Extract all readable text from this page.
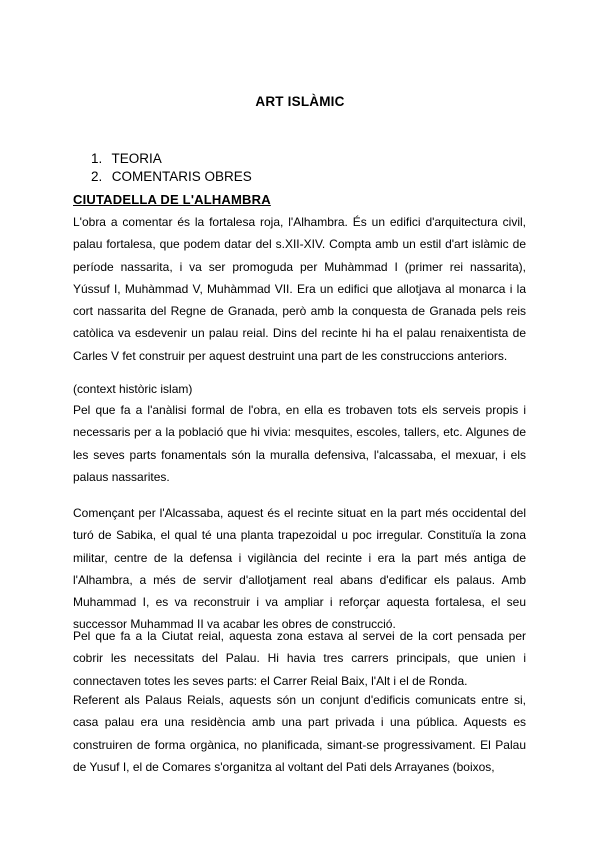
ART ISLÀMIC
1. TEORIA
2. COMENTARIS OBRES
CIUTADELLA DE L'ALHAMBRA

L'obra a comentar és la fortalesa roja, l'Alhambra. És un edifici d'arquitectura civil, palau fortalesa, que podem datar del s.XII-XIV. Compta amb un estil d'art islàmic de període nassarita, i va ser promoguda per Muhàmmad I (primer rei nassarita), Yússuf I, Muhàmmad V, Muhàmmad VII. Era un edifici que allotjava al monarca i la cort nassarita del Regne de Granada, però amb la conquesta de Granada pels reis catòlica va esdevenir un palau reial. Dins del recinte hi ha el palau renaixentista de Carles V fet construir per aquest destruint una part de les construccions anteriors.

(context històric islam)

Pel que fa a l'anàlisi formal de l'obra, en ella es trobaven tots els serveis propis i necessaris per a la població que hi vivia: mesquites, escoles, tallers, etc. Algunes de les seves parts fonamentals són la muralla defensiva, l'alcassaba, el mexuar, i els palaus nassarites.

Començant per l'Alcassaba, aquest és el recinte situat en la part més occidental del turó de Sabika, el qual té una planta trapezoidal u poc irregular. Constituïa la zona militar, centre de la defensa i vigilància del recinte i era la part més antiga de l'Alhambra, a més de servir d'allotjament real abans d'edificar els palaus. Amb Muhammad I, es va reconstruir i va ampliar i reforçar aquesta fortalesa, el seu successor Muhammad II va acabar les obres de construcció.

Pel que fa a la Ciutat reial, aquesta zona estava al servei de la cort pensada per cobrir les necessitats del Palau. Hi havia tres carrers principals, que unien i connectaven totes les seves parts: el Carrer Reial Baix, l'Alt i el de Ronda.

Referent als Palaus Reials, aquests són un conjunt d'edificis comunicats entre si, casa palau era una residència amb una part privada i una pública. Aquests es construiren de forma orgànica, no planificada, simant-se progressivament. El Palau de Yusuf I, el de Comares s'organitza al voltant del Pati dels Arrayanes (boixos,
